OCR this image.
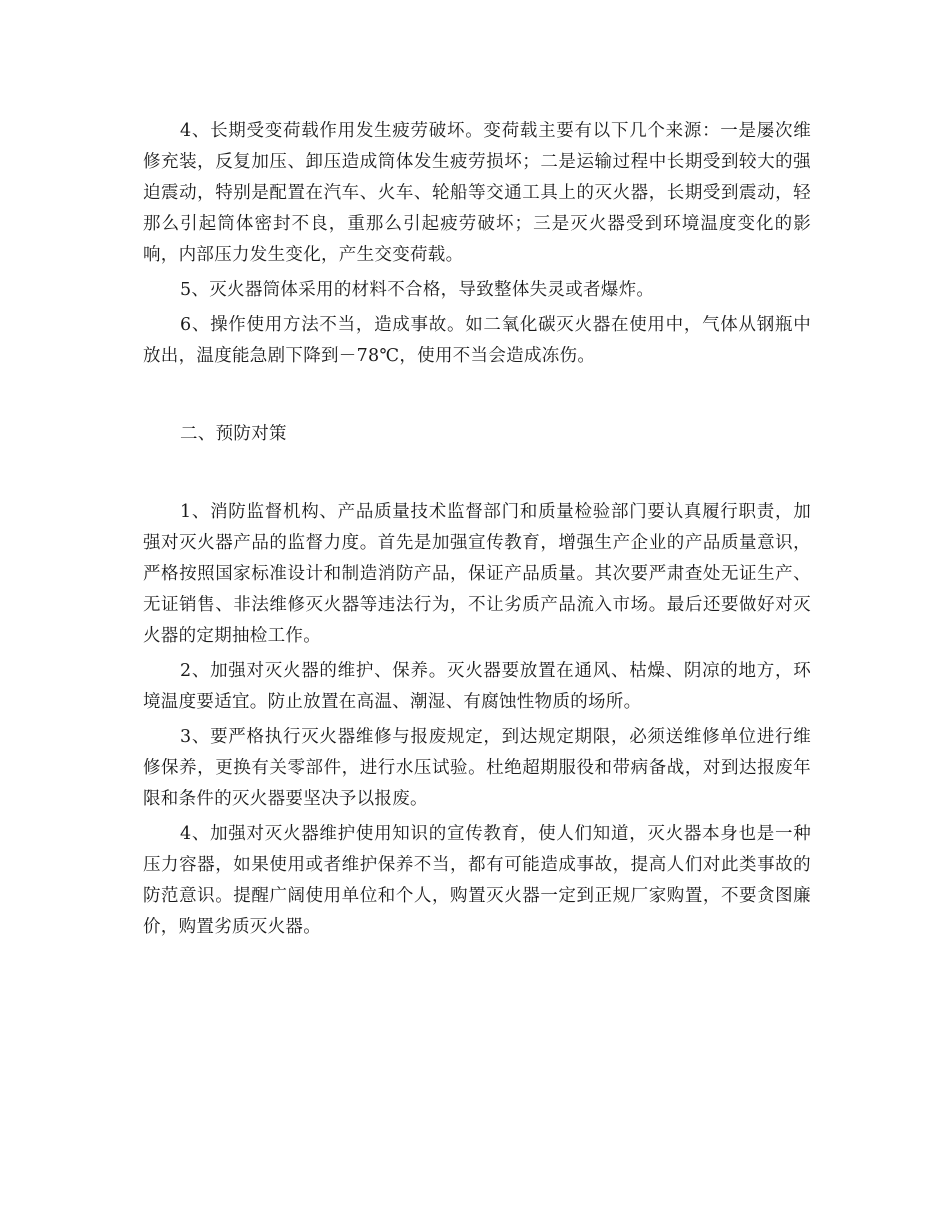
4、长期受变荷载作用发生疲劳破坏。变荷载主要有以下几个来源：一是屡次维修充装，反复加压、卸压造成筒体发生疲劳损坏；二是运输过程中长期受到较大的强迫震动，特别是配置在汽车、火车、轮船等交通工具上的灭火器，长期受到震动，轻那么引起筒体密封不良，重那么引起疲劳破坏；三是灭火器受到环境温度变化的影响，内部压力发生变化，产生交变荷载。

5、灭火器筒体采用的材料不合格，导致整体失灵或者爆炸。

6、操作使用方法不当，造成事故。如二氧化碳灭火器在使用中，气体从钢瓶中放出，温度能急剧下降到－78℃，使用不当会造成冻伤。

二、预防对策

1、消防监督机构、产品质量技术监督部门和质量检验部门要认真履行职责，加强对灭火器产品的监督力度。首先是加强宣传教育，增强生产企业的产品质量意识，严格按照国家标准设计和制造消防产品，保证产品质量。其次要严肃查处无证生产、无证销售、非法维修灭火器等违法行为，不让劣质产品流入市场。最后还要做好对灭火器的定期抽检工作。

2、加强对灭火器的维护、保养。灭火器要放置在通风、枯燥、阴凉的地方，环境温度要适宜。防止放置在高温、潮湿、有腐蚀性物质的场所。

3、要严格执行灭火器维修与报废规定，到达规定期限，必须送维修单位进行维修保养，更换有关零部件，进行水压试验。杜绝超期服役和带病备战，对到达报废年限和条件的灭火器要坚决予以报废。

4、加强对灭火器维护使用知识的宣传教育，使人们知道，灭火器本身也是一种压力容器，如果使用或者维护保养不当，都有可能造成事故，提高人们对此类事故的防范意识。提醒广阔使用单位和个人，购置灭火器一定到正规厂家购置，不要贪图廉价，购置劣质灭火器。
